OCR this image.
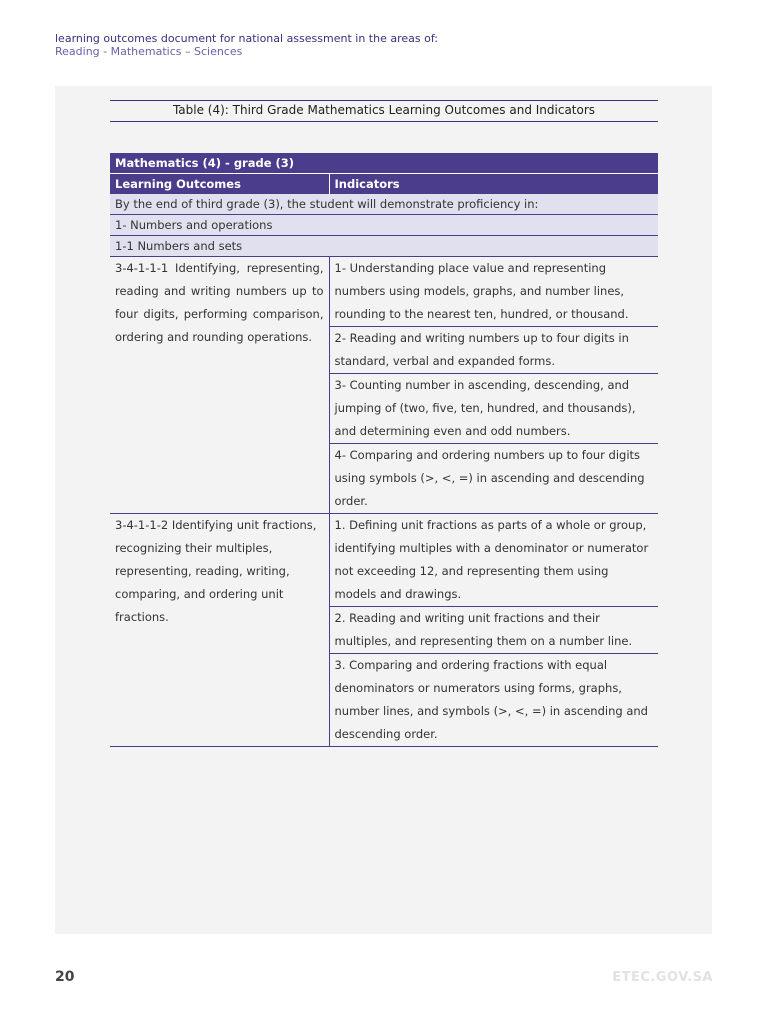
learning outcomes document for national assessment in the areas of:
Reading - Mathematics – Sciences
Table (4): Third Grade Mathematics Learning Outcomes and Indicators
Mathematics (4) - grade (3)	
Learning Outcomes	Indicators
By the end of third grade (3), the student will demonstrate proficiency in:	
1- Numbers and operations	
1-1 Numbers and sets	
3-4-1-1-1 Identifying, representing, reading and writing numbers up to four digits, performing comparison, ordering and rounding operations.	1- Understanding place value and representing numbers using models, graphs, and number lines, rounding to the nearest ten, hundred, or thousand.
	2- Reading and writing numbers up to four digits in standard, verbal and expanded forms.
	3- Counting number in ascending, descending, and jumping of (two, five, ten, hundred, and thousands), and determining even and odd numbers.
	4- Comparing and ordering numbers up to four digits using symbols (>, <, =) in ascending and descending order.
3-4-1-1-2 Identifying unit fractions, recognizing their multiples, representing, reading, writing, comparing, and ordering unit fractions.	1. Defining unit fractions as parts of a whole or group, identifying multiples with a denominator or numerator not exceeding 12, and representing them using models and drawings.
	2. Reading and writing unit fractions and their multiples, and representing them on a number line.
	3. Comparing and ordering fractions with equal denominators or numerators using forms, graphs, number lines, and symbols (>, <, =) in ascending and descending order.
20	ETEC.GOV.SA
